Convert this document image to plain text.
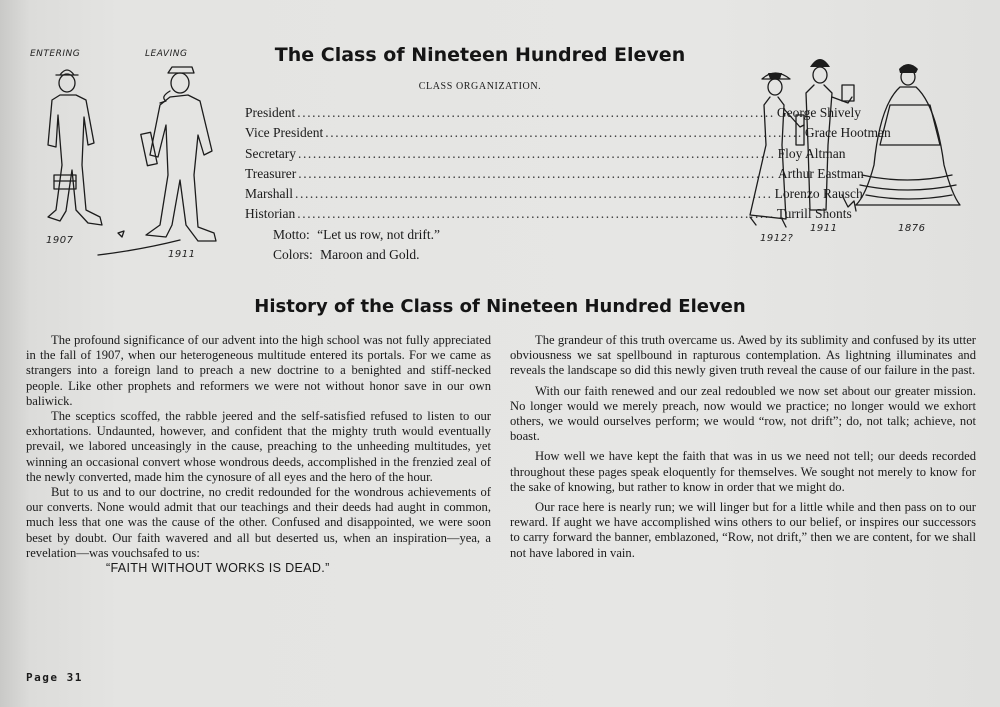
ENTERING	LEAVING
1907
1911
The Class of Nineteen Hundred Eleven

CLASS ORGANIZATION.

President ................................................................................................ George Shively
Vice President ................................................................................................ Grace Hootman
Secretary ................................................................................................ Floy Altman
Treasurer ................................................................................................ Arthur Eastman
Marshall ................................................................................................ Lorenzo Rausch
Historian ................................................................................................ Turrill Shonts
Motto: “Let us row, not drift.”
Colors: Maroon and Gold.
1912?
1911	1876
History of the Class of Nineteen Hundred Eleven

The profound significance of our advent into the high school was not fully appreciated in the fall of 1907, when our heterogeneous multitude entered its portals. For we came as strangers into a foreign land to preach a new doctrine to a benighted and stiff-necked people. Like other prophets and reformers we were not without honor save in our own baliwick.

The sceptics scoffed, the rabble jeered and the self-satisfied refused to listen to our exhortations. Undaunted, however, and confident that the mighty truth would eventually prevail, we labored unceasingly in the cause, preaching to the unheeding multitudes, yet winning an occasional convert whose wondrous deeds, accomplished in the frenzied zeal of the newly converted, made him the cynosure of all eyes and the hero of the hour.

But to us and to our doctrine, no credit redounded for the wondrous achievements of our converts. None would admit that our teachings and their deeds had aught in common, much less that one was the cause of the other. Confused and disappointed, we were soon beset by doubt. Our faith wavered and all but deserted us, when an inspiration—yea, a revelation—was vouchsafed to us:

“FAITH WITHOUT WORKS IS DEAD.”

The grandeur of this truth overcame us. Awed by its sublimity and confused by its utter obviousness we sat spellbound in rapturous contemplation. As lightning illuminates and reveals the landscape so did this newly given truth reveal the cause of our failure in the past.

With our faith renewed and our zeal redoubled we now set about our greater mission. No longer would we merely preach, now would we practice; no longer would we exhort others, we would ourselves perform; we would “row, not drift”; do, not talk; achieve, not boast.

How well we have kept the faith that was in us we need not tell; our deeds recorded throughout these pages speak eloquently for themselves. We sought not merely to know for the sake of knowing, but rather to know in order that we might do.

Our race here is nearly run; we will linger but for a little while and then pass on to our reward. If aught we have accomplished wins others to our belief, or inspires our successors to carry forward the banner, emblazoned, “Row, not drift,” then we are content, for we shall not have labored in vain.

Page 31
